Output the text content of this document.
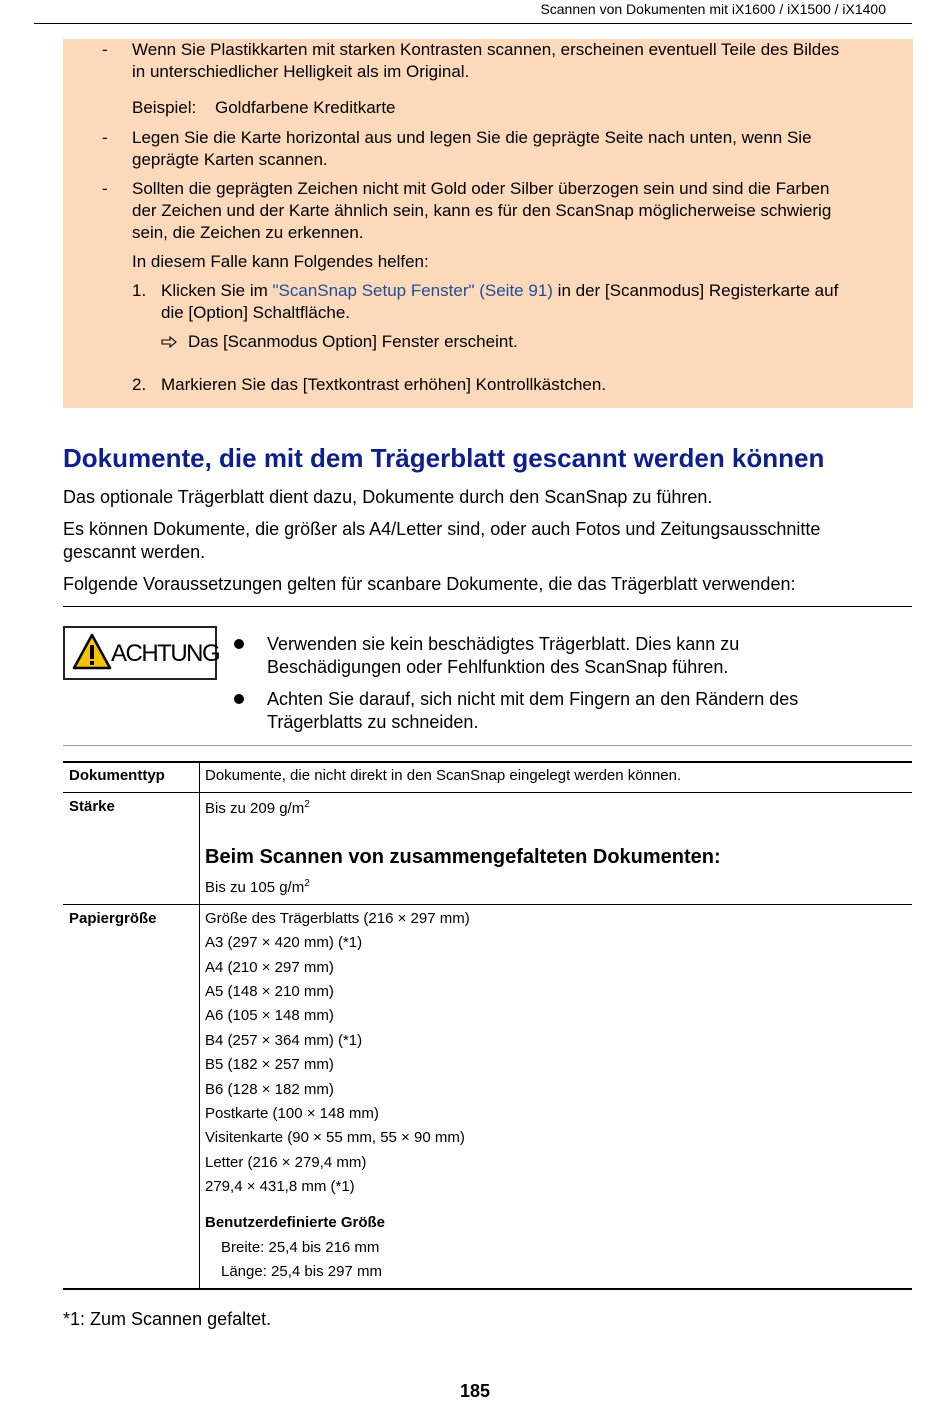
Scannen von Dokumenten mit iX1600 / iX1500 / iX1400
- Wenn Sie Plastikkarten mit starken Kontrasten scannen, erscheinen eventuell Teile des Bildes
in unterschiedlicher Helligkeit als im Original.
Beispiel: Goldfarbene Kreditkarte
- Legen Sie die Karte horizontal aus und legen Sie die geprägte Seite nach unten, wenn Sie
geprägte Karten scannen.
- Sollten die geprägten Zeichen nicht mit Gold oder Silber überzogen sein und sind die Farben
der Zeichen und der Karte ähnlich sein, kann es für den ScanSnap möglicherweise schwierig
sein, die Zeichen zu erkennen.
In diesem Falle kann Folgendes helfen:
1. Klicken Sie im "ScanSnap Setup Fenster" (Seite 91) in der [Scanmodus] Registerkarte auf
die [Option] Schaltfläche.
Das [Scanmodus Option] Fenster erscheint.
2. Markieren Sie das [Textkontrast erhöhen] Kontrollkästchen.
Dokumente, die mit dem Trägerblatt gescannt werden können
Das optionale Trägerblatt dient dazu, Dokumente durch den ScanSnap zu führen.
Es können Dokumente, die größer als A4/Letter sind, oder auch Fotos und Zeitungsausschnitte
gescannt werden.
Folgende Voraussetzungen gelten für scanbare Dokumente, die das Trägerblatt verwenden:
ACHTUNG	Verwenden sie kein beschädigtes Trägerblatt. Dies kann zu
Beschädigungen oder Fehlfunktion des ScanSnap führen.
Achten Sie darauf, sich nicht mit dem Fingern an den Rändern des
Trägerblatts zu schneiden.
Dokumenttyp	Dokumente, die nicht direkt in den ScanSnap eingelegt werden können.
Stärke	Bis zu 209 $g/m^2$
Beim Scannen von zusammengefalteten Dokumenten:
Bis zu 105 $g/m^2$
Papiergröße	Größe des Trägerblatts (216 × 297 mm)
A3 (297 × 420 mm) (*1)
A4 (210 × 297 mm)
A5 (148 × 210 mm)
A6 (105 × 148 mm)
B4 (257 × 364 mm) (*1)
B5 (182 × 257 mm)
B6 (128 × 182 mm)
Postkarte (100 × 148 mm)
Visitenkarte (90 × 55 mm, 55 × 90 mm)
Letter (216 × 279,4 mm)
279,4 × 431,8 mm (*1)
Benutzerdefinierte Größe
Breite: 25,4 bis 216 mm
Länge: 25,4 bis 297 mm
*1: Zum Scannen gefaltet.
185
